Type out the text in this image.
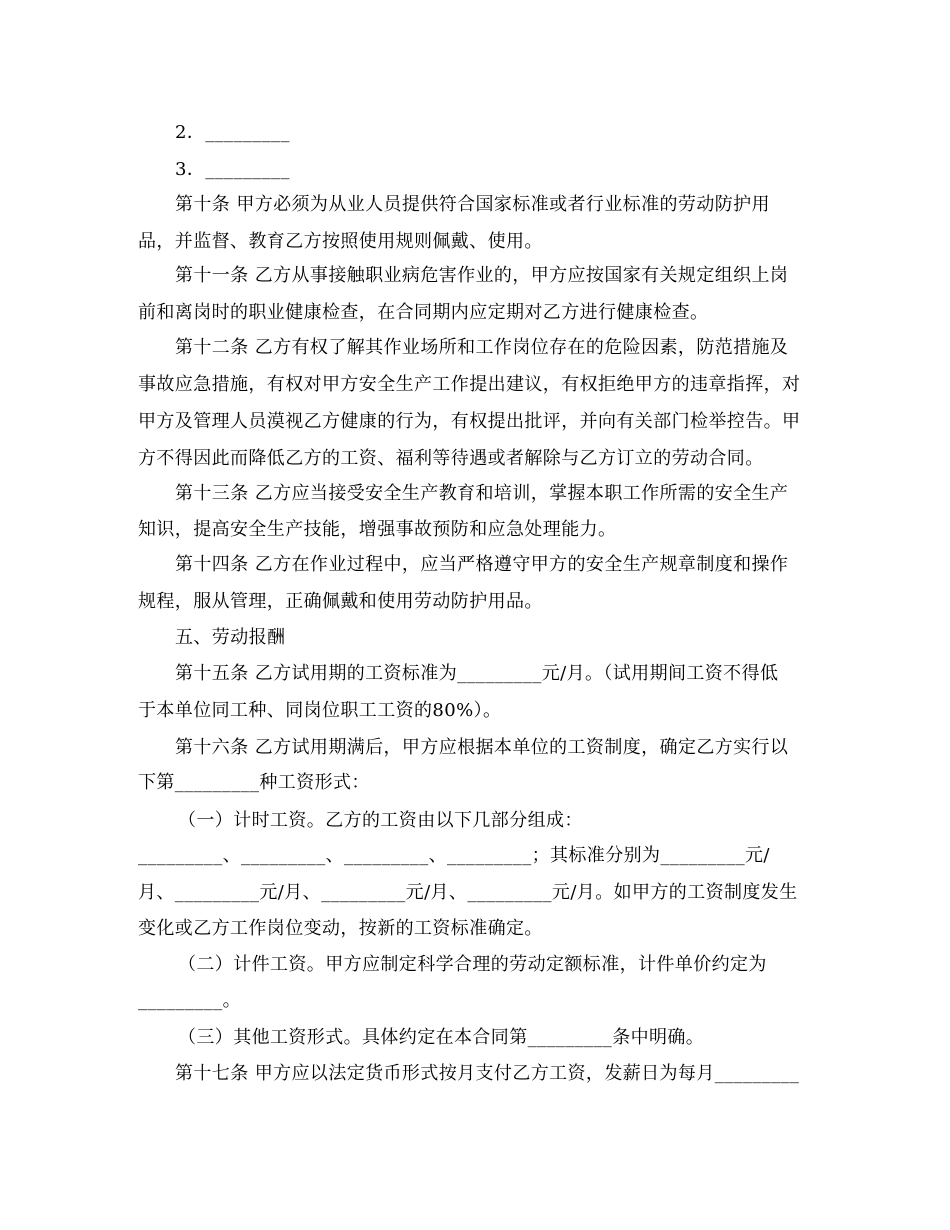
2．_________
3．_________
第十条 甲方必须为从业人员提供符合国家标准或者行业标准的劳动防护用
品，并监督、教育乙方按照使用规则佩戴、使用。
第十一条 乙方从事接触职业病危害作业的，甲方应按国家有关规定组织上岗
前和离岗时的职业健康检查，在合同期内应定期对乙方进行健康检查。
第十二条 乙方有权了解其作业场所和工作岗位存在的危险因素，防范措施及
事故应急措施，有权对甲方安全生产工作提出建议，有权拒绝甲方的违章指挥，对
甲方及管理人员漠视乙方健康的行为，有权提出批评，并向有关部门检举控告。甲
方不得因此而降低乙方的工资、福利等待遇或者解除与乙方订立的劳动合同。
第十三条 乙方应当接受安全生产教育和培训，掌握本职工作所需的安全生产
知识，提高安全生产技能，增强事故预防和应急处理能力。
第十四条 乙方在作业过程中，应当严格遵守甲方的安全生产规章制度和操作
规程，服从管理，正确佩戴和使用劳动防护用品。
五、劳动报酬
第十五条 乙方试用期的工资标准为_________元/月。（试用期间工资不得低
于本单位同工种、同岗位职工工资的80%）。
第十六条 乙方试用期满后，甲方应根据本单位的工资制度，确定乙方实行以
下第_________种工资形式：
（一）计时工资。乙方的工资由以下几部分组成：
_________、_________、_________、_________；其标准分别为_________元/
月、_________元/月、_________元/月、_________元/月。如甲方的工资制度发生
变化或乙方工作岗位变动，按新的工资标准确定。
（二）计件工资。甲方应制定科学合理的劳动定额标准，计件单价约定为
_________。
（三）其他工资形式。具体约定在本合同第_________条中明确。
第十七条 甲方应以法定货币形式按月支付乙方工资，发薪日为每月_________
